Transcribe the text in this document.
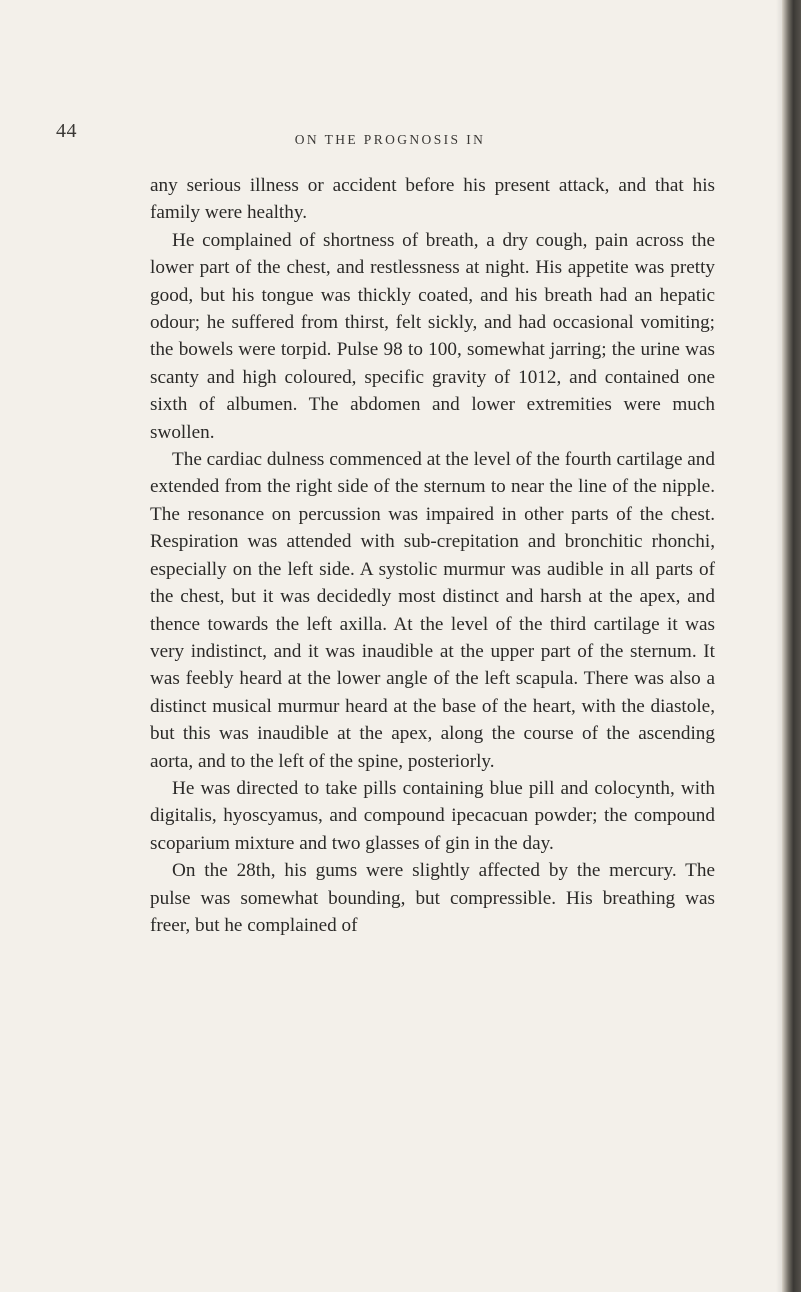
44	ON THE PROGNOSIS IN

any serious illness or accident before his present attack, and that his family were healthy.

He complained of shortness of breath, a dry cough, pain across the lower part of the chest, and restlessness at night. His appetite was pretty good, but his tongue was thickly coated, and his breath had an hepatic odour; he suffered from thirst, felt sickly, and had occasional vomiting; the bowels were torpid. Pulse 98 to 100, somewhat jarring; the urine was scanty and high coloured, specific gravity of 1012, and contained one sixth of albumen. The abdomen and lower extremities were much swollen.

The cardiac dulness commenced at the level of the fourth cartilage and extended from the right side of the sternum to near the line of the nipple. The resonance on percussion was impaired in other parts of the chest. Respiration was attended with sub-crepitation and bronchitic rhonchi, especially on the left side. A systolic murmur was audible in all parts of the chest, but it was decidedly most distinct and harsh at the apex, and thence towards the left axilla. At the level of the third cartilage it was very indistinct, and it was inaudible at the upper part of the sternum. It was feebly heard at the lower angle of the left scapula. There was also a distinct musical murmur heard at the base of the heart, with the diastole, but this was inaudible at the apex, along the course of the ascending aorta, and to the left of the spine, posteriorly.

He was directed to take pills containing blue pill and colocynth, with digitalis, hyoscyamus, and compound ipecacuan powder; the compound scoparium mixture and two glasses of gin in the day.

On the 28th, his gums were slightly affected by the mercury. The pulse was somewhat bounding, but compressible. His breathing was freer, but he complained of
